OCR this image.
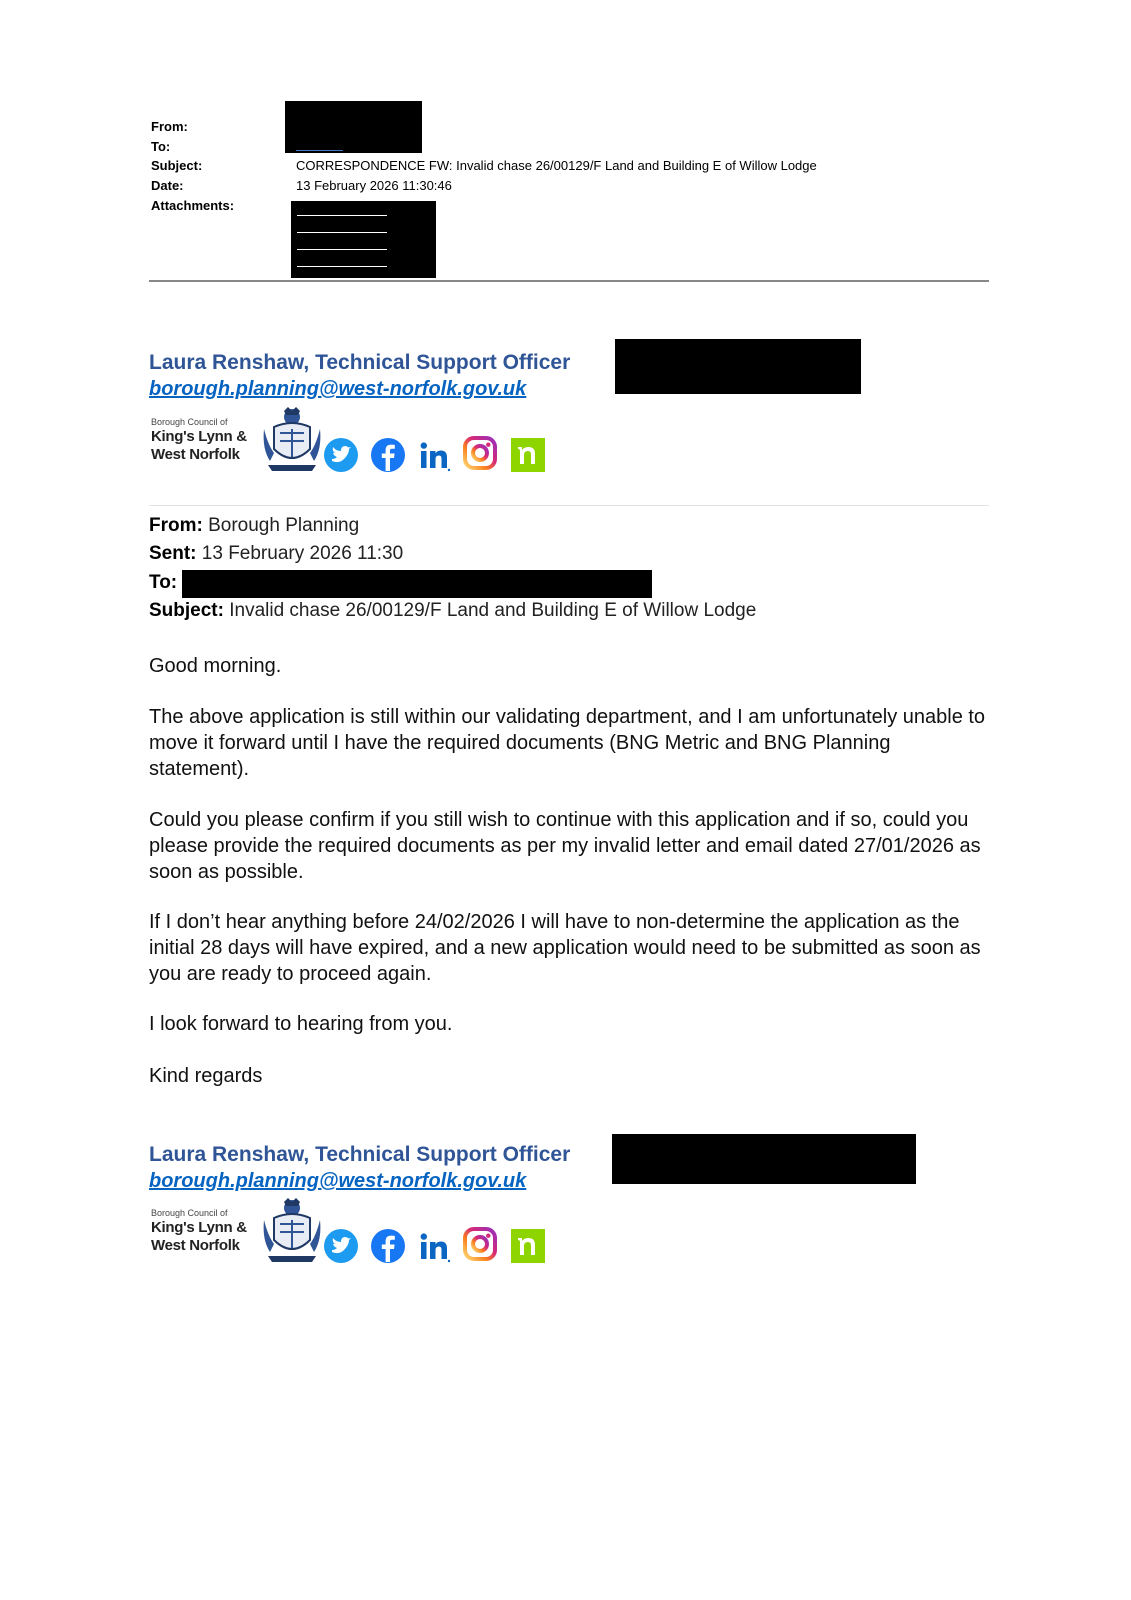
From:
To:
Subject:	CORRESPONDENCE FW: Invalid chase 26/00129/F Land and Building E of Willow Lodge
Date:	13 February 2026 11:30:46
Attachments:
Laura Renshaw, Technical Support Officer
borough.planning@west-norfolk.gov.uk
Borough Council of
King's Lynn &
West Norfolk
From: Borough Planning
Sent: 13 February 2026 11:30
To:
Subject: Invalid chase 26/00129/F Land and Building E of Willow Lodge
Good morning.
The above application is still within our validating department, and I am unfortunately unable to move it forward until I have the required documents (BNG Metric and BNG Planning statement).
Could you please confirm if you still wish to continue with this application and if so, could you please provide the required documents as per my invalid letter and email dated 27/01/2026 as soon as possible.
If I don’t hear anything before 24/02/2026 I will have to non-determine the application as the initial 28 days will have expired, and a new application would need to be submitted as soon as you are ready to proceed again.
I look forward to hearing from you.
Kind regards
Laura Renshaw, Technical Support Officer
borough.planning@west-norfolk.gov.uk
Borough Council of
King's Lynn &
West Norfolk
